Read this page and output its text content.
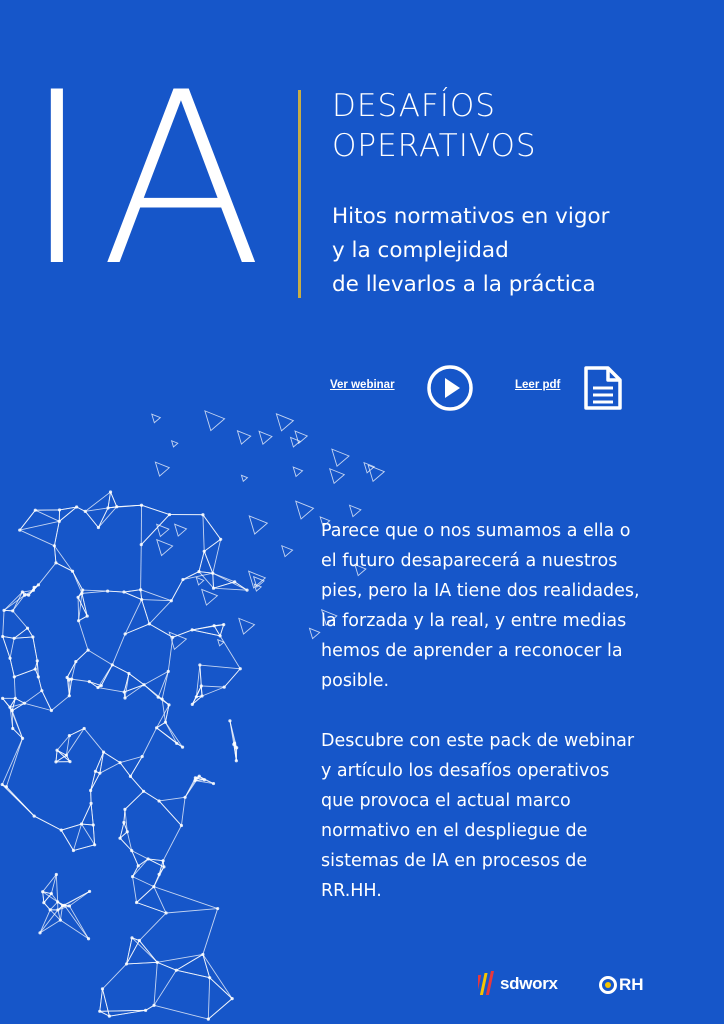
IA DESAFÍOS
OPERATIVOS
Hitos normativos en vigor
y la complejidad
de llevarlos a la práctica
Ver webinar	Leer pdf

Parece que o nos sumamos a ella o
el futuro desaparecerá a nuestros
pies, pero la IA tiene dos realidades,
la forzada y la real, y entre medias
hemos de aprender a reconocer la
posible.

Descubre con este pack de webinar
y artículo los desafíos operativos
que provoca el actual marco
normativo en el despliegue de
sistemas de IA en procesos de
RR.HH.

sdworx	RH
